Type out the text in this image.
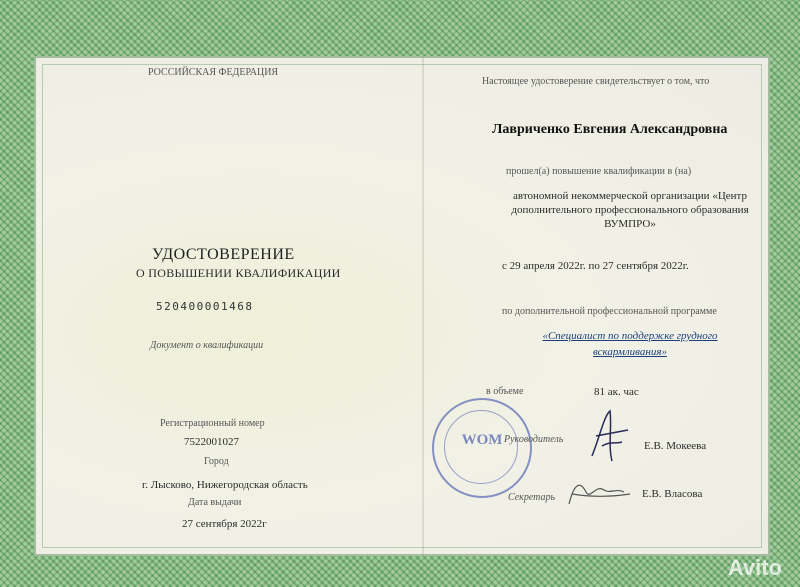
РОССИЙСКАЯ ФЕДЕРАЦИЯ
УДОСТОВЕРЕНИЕ
О ПОВЫШЕНИИ КВАЛИФИКАЦИИ
520400001468
Документ о квалификации
Регистрационный номер
7522001027
Город
г. Лысково, Нижегородская область
Дата выдачи
27 сентября 2022г
Настоящее удостоверение свидетельствует о том, что
Лавриченко Евгения Александровна
прошел(а) повышение квалификации в (на)
автономной некоммерческой организации «Центр
дополнительного профессионального образования
ВУМПРО»
с 29 апреля 2022г. по 27 сентября 2022г.
по дополнительной профессиональной программе
«Специалист по поддержке грудного
вскармливания»
в объеме	81 ак. час
WOM Руководитель
Е.В. Мокеева
Секретарь	Е.В. Власова
Avito
